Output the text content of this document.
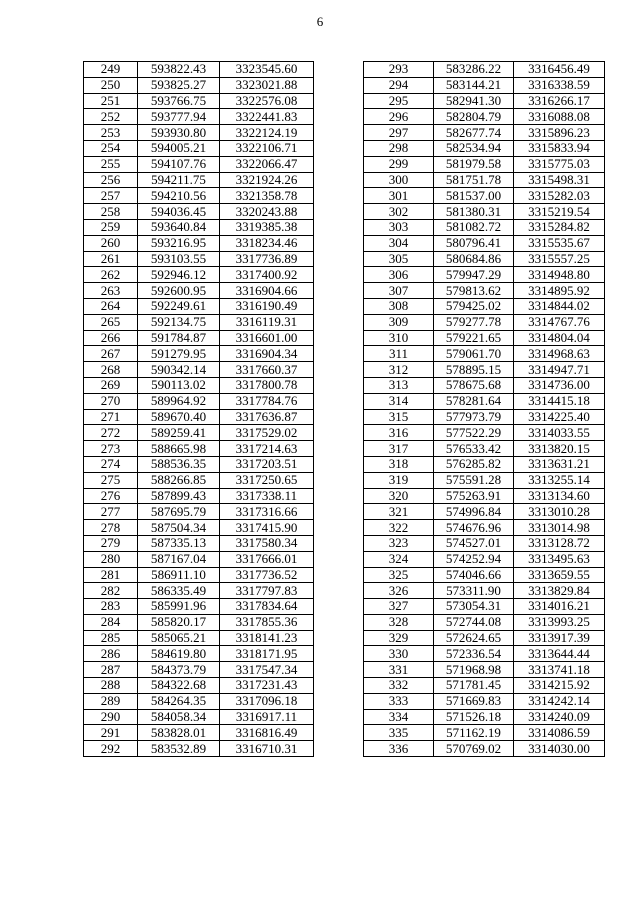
6
249	593822.43	3323545.60
250	593825.27	3323021.88
251	593766.75	3322576.08
252	593777.94	3322441.83
253	593930.80	3322124.19
254	594005.21	3322106.71
255	594107.76	3322066.47
256	594211.75	3321924.26
257	594210.56	3321358.78
258	594036.45	3320243.88
259	593640.84	3319385.38
260	593216.95	3318234.46
261	593103.55	3317736.89
262	592946.12	3317400.92
263	592600.95	3316904.66
264	592249.61	3316190.49
265	592134.75	3316119.31
266	591784.87	3316601.00
267	591279.95	3316904.34
268	590342.14	3317660.37
269	590113.02	3317800.78
270	589964.92	3317784.76
271	589670.40	3317636.87
272	589259.41	3317529.02
273	588665.98	3317214.63
274	588536.35	3317203.51
275	588266.85	3317250.65
276	587899.43	3317338.11
277	587695.79	3317316.66
278	587504.34	3317415.90
279	587335.13	3317580.34
280	587167.04	3317666.01
281	586911.10	3317736.52
282	586335.49	3317797.83
283	585991.96	3317834.64
284	585820.17	3317855.36
285	585065.21	3318141.23
286	584619.80	3318171.95
287	584373.79	3317547.34
288	584322.68	3317231.43
289	584264.35	3317096.18
290	584058.34	3316917.11
291	583828.01	3316816.49
292	583532.89	3316710.31
293	583286.22	3316456.49
294	583144.21	3316338.59
295	582941.30	3316266.17
296	582804.79	3316088.08
297	582677.74	3315896.23
298	582534.94	3315833.94
299	581979.58	3315775.03
300	581751.78	3315498.31
301	581537.00	3315282.03
302	581380.31	3315219.54
303	581082.72	3315284.82
304	580796.41	3315535.67
305	580684.86	3315557.25
306	579947.29	3314948.80
307	579813.62	3314895.92
308	579425.02	3314844.02
309	579277.78	3314767.76
310	579221.65	3314804.04
311	579061.70	3314968.63
312	578895.15	3314947.71
313	578675.68	3314736.00
314	578281.64	3314415.18
315	577973.79	3314225.40
316	577522.29	3314033.55
317	576533.42	3313820.15
318	576285.82	3313631.21
319	575591.28	3313255.14
320	575263.91	3313134.60
321	574996.84	3313010.28
322	574676.96	3313014.98
323	574527.01	3313128.72
324	574252.94	3313495.63
325	574046.66	3313659.55
326	573311.90	3313829.84
327	573054.31	3314016.21
328	572744.08	3313993.25
329	572624.65	3313917.39
330	572336.54	3313644.44
331	571968.98	3313741.18
332	571781.45	3314215.92
333	571669.83	3314242.14
334	571526.18	3314240.09
335	571162.19	3314086.59
336	570769.02	3314030.00
